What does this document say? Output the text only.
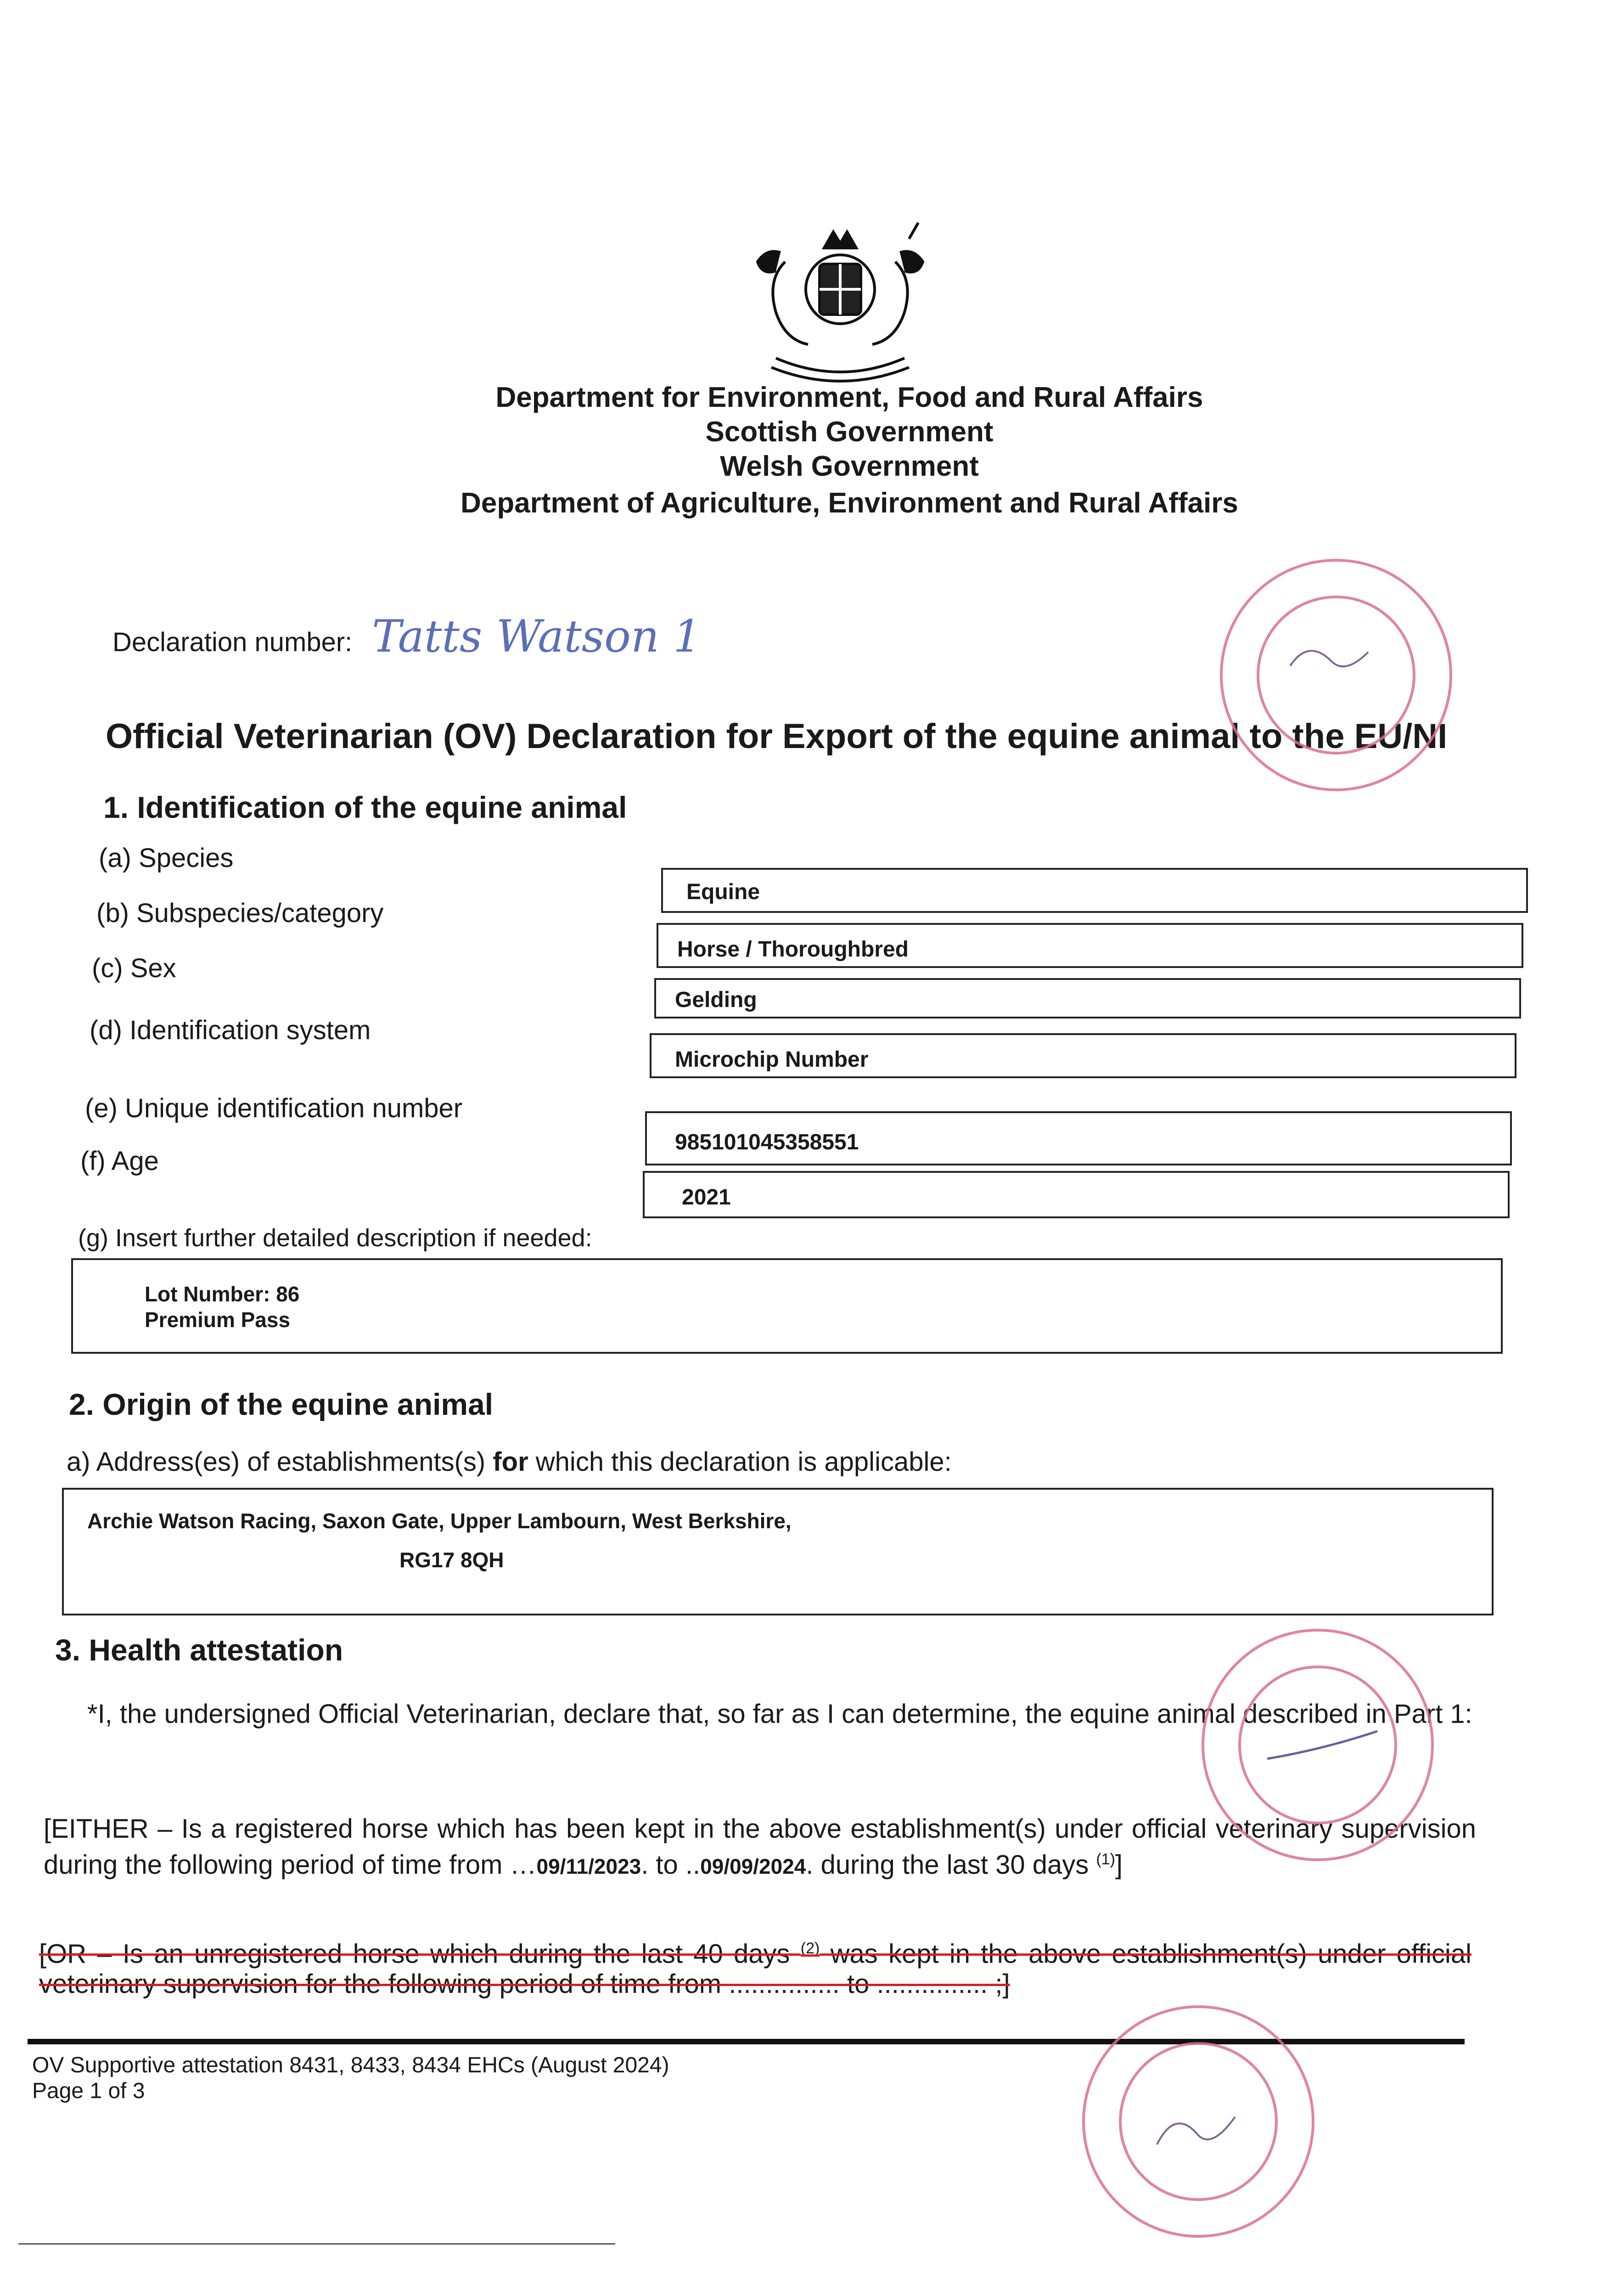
Department for Environment, Food and Rural Affairs
Scottish Government
Welsh Government
Department of Agriculture, Environment and Rural Affairs
Declaration number: Tatts Watson 1
Official Veterinarian (OV) Declaration for Export of the equine animal to the EU/NI
1. Identification of the equine animal
(a) Species
(b) Subspecies/category
(c) Sex
(d) Identification system
(e) Unique identification number
(f) Age
Equine
Horse / Thoroughbred
Gelding
Microchip Number
985101045358551
2021
(g) Insert further detailed description if needed:
Lot Number: 86
Premium Pass
2. Origin of the equine animal
a) Address(es) of establishments(s) for which this declaration is applicable:
Archie Watson Racing, Saxon Gate, Upper Lambourn, West Berkshire,
RG17 8QH
3. Health attestation
*I, the undersigned Official Veterinarian, declare that, so far as I can determine, the equine animal described in Part 1:
[EITHER – Is a registered horse which has been kept in the above establishment(s) under official veterinary supervision during the following period of time from …09/11/2023. to ..09/09/2024. during the last 30 days $^{(1)}$]
[OR – Is an unregistered horse which during the last 40 days $^{(2)}$ was kept in the above establishment(s) under official veterinary supervision for the following period of time from ............... to ............... ;]
OV Supportive attestation 8431, 8433, 8434 EHCs (August 2024)
Page 1 of 3
